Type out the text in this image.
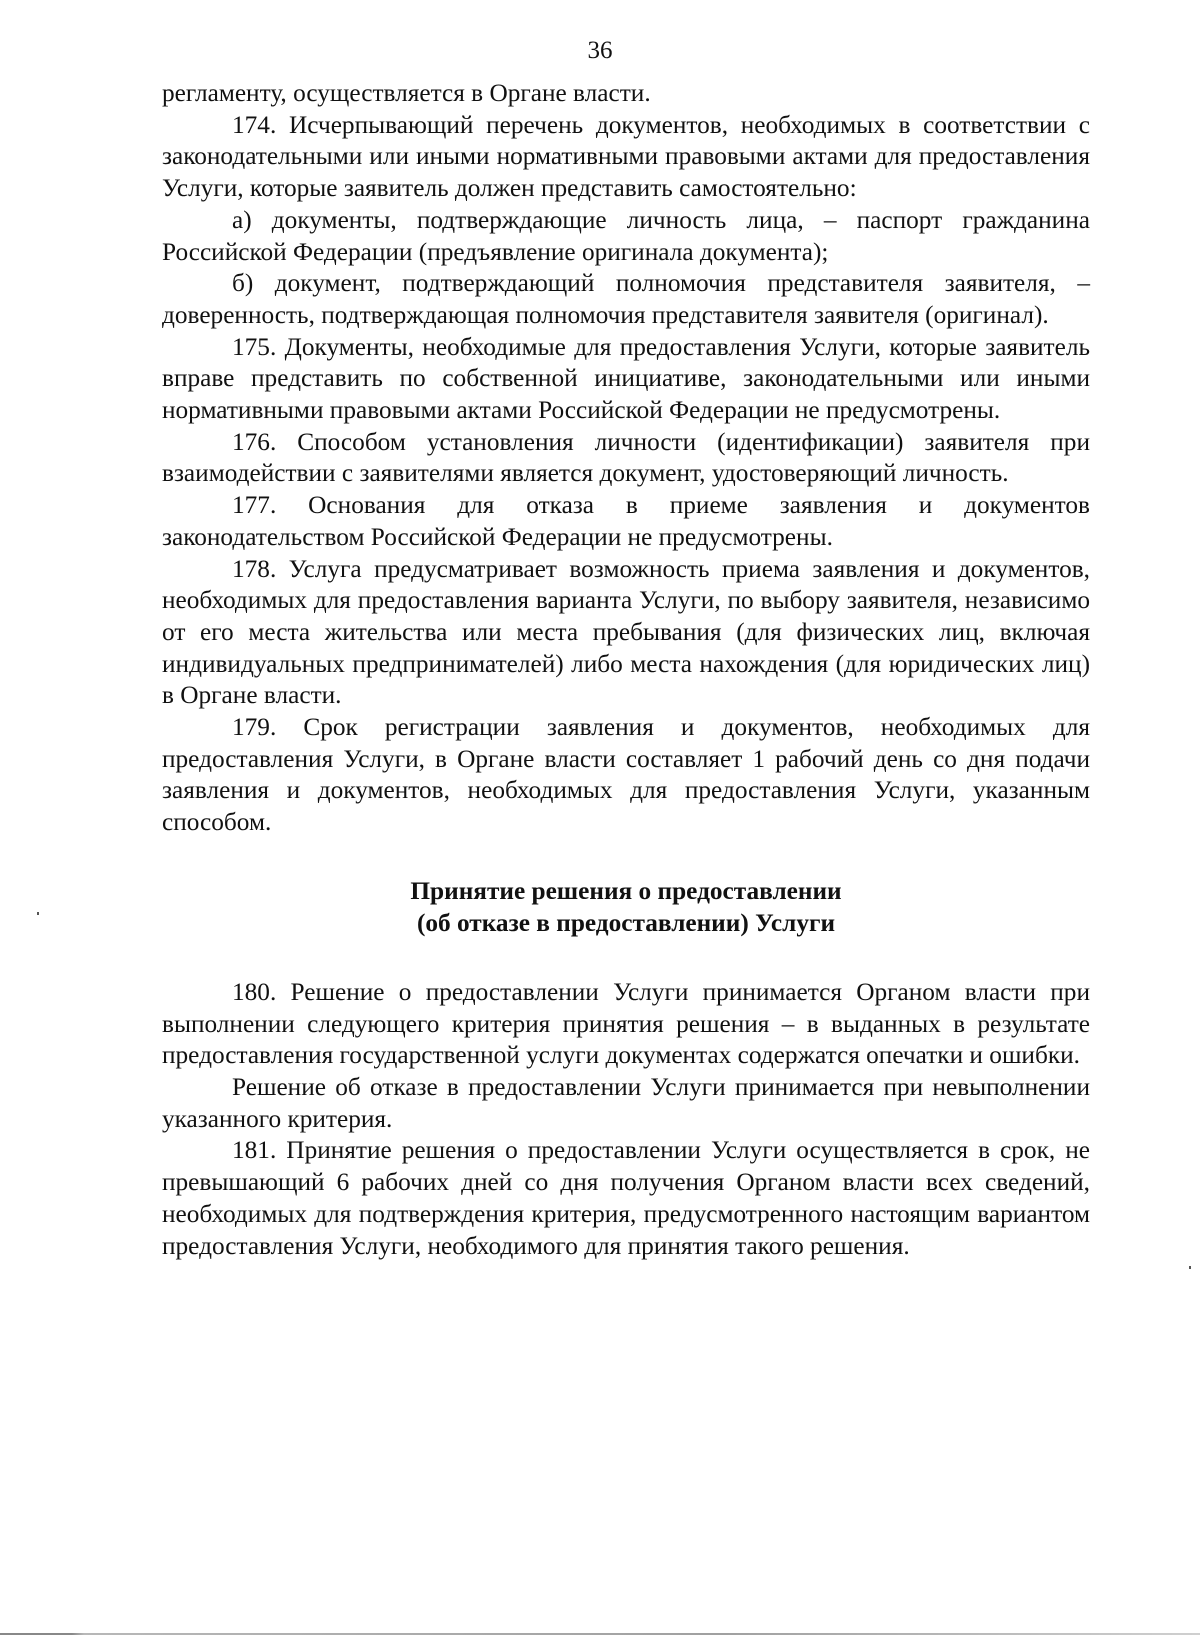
36

регламенту, осуществляется в Органе власти.

174. Исчерпывающий перечень документов, необходимых в соответствии с законодательными или иными нормативными правовыми актами для предоставления Услуги, которые заявитель должен представить самостоятельно:

а) документы, подтверждающие личность лица, – паспорт гражданина Российской Федерации (предъявление оригинала документа);

б) документ, подтверждающий полномочия представителя заявителя, – доверенность, подтверждающая полномочия представителя заявителя (оригинал).

175. Документы, необходимые для предоставления Услуги, которые заявитель вправе представить по собственной инициативе, законодательными или иными нормативными правовыми актами Российской Федерации не предусмотрены.

176. Способом установления личности (идентификации) заявителя при взаимодействии с заявителями является документ, удостоверяющий личность.

177. Основания для отказа в приеме заявления и документов законодательством Российской Федерации не предусмотрены.

178. Услуга предусматривает возможность приема заявления и документов, необходимых для предоставления варианта Услуги, по выбору заявителя, независимо от его места жительства или места пребывания (для физических лиц, включая индивидуальных предпринимателей) либо места нахождения (для юридических лиц) в Органе власти.

179. Срок регистрации заявления и документов, необходимых для предоставления Услуги, в Органе власти составляет 1 рабочий день со дня подачи заявления и документов, необходимых для предоставления Услуги, указанным способом.

Принятие решения о предоставлении
(об отказе в предоставлении) Услуги

180. Решение о предоставлении Услуги принимается Органом власти при выполнении следующего критерия принятия решения – в выданных в результате предоставления государственной услуги документах содержатся опечатки и ошибки.

Решение об отказе в предоставлении Услуги принимается при невыполнении указанного критерия.

181. Принятие решения о предоставлении Услуги осуществляется в срок, не превышающий 6 рабочих дней со дня получения Органом власти всех сведений, необходимых для подтверждения критерия, предусмотренного настоящим вариантом предоставления Услуги, необходимого для принятия такого решения.
